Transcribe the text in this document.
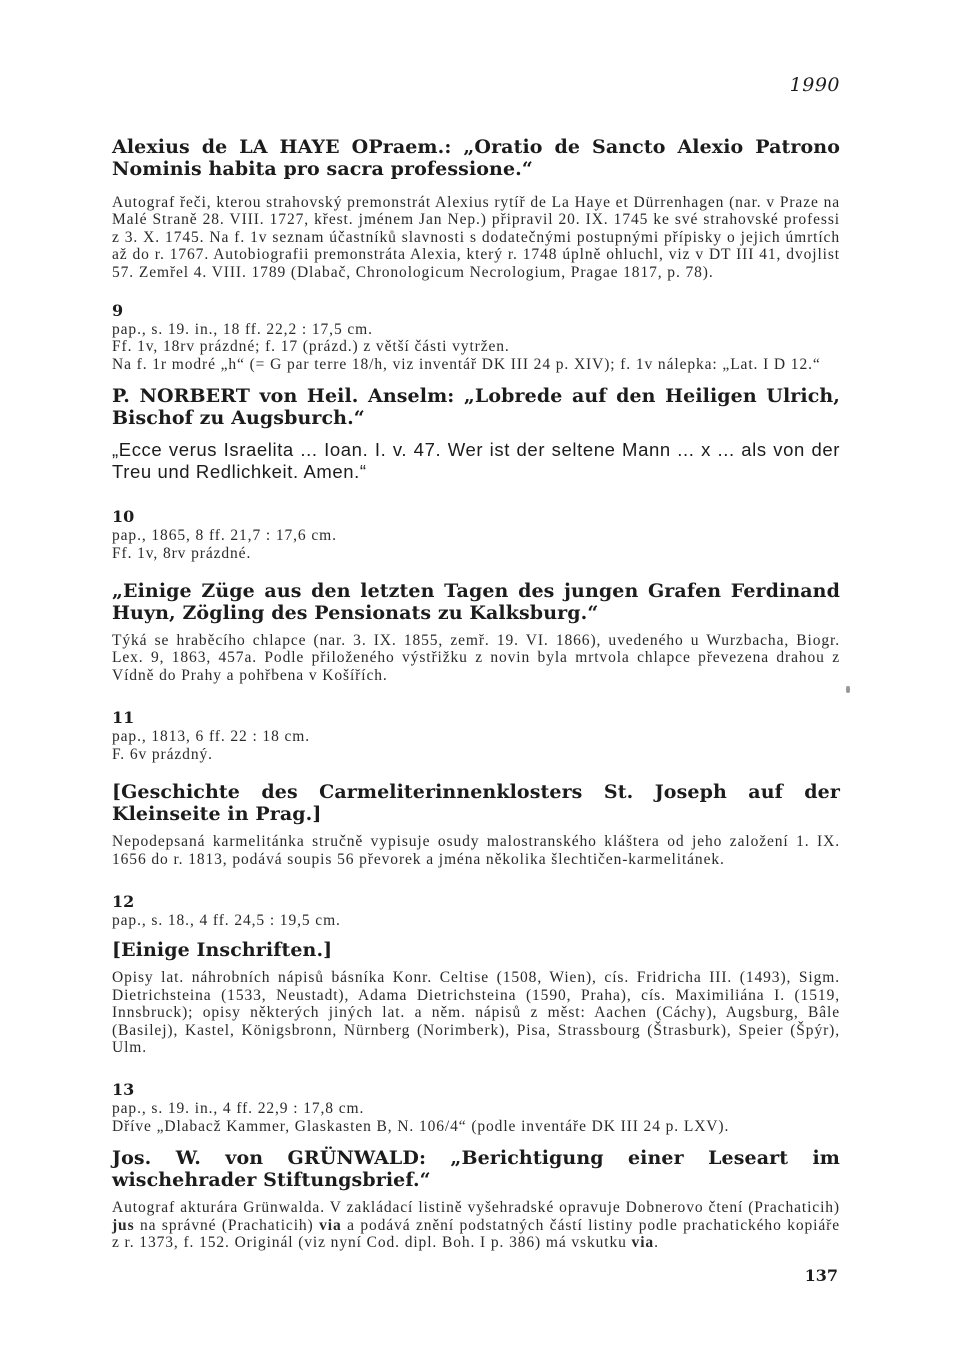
1990

Alexius de LA HAYE OPraem.: „Oratio de Sancto Alexio Patrono Nominis habita pro sacra professione.“

Autograf řeči, kterou strahovský premonstrát Alexius rytíř de La Haye et Dürrenhagen (nar. v Praze na Malé Straně 28. VIII. 1727, křest. jménem Jan Nep.) připravil 20. IX. 1745 ke své strahovské professi z 3. X. 1745. Na f. 1v seznam účastníků slavnosti s dodatečnými postupnými přípisky o jejich úmrtích až do r. 1767. Autobiografii premonstráta Alexia, který r. 1748 úplně ohluchl, viz v DT III 41, dvojlist 57. Zemřel 4. VIII. 1789 (Dlabač, Chronologicum Necrologium, Pragae 1817, p. 78).

9

pap., s. 19. in., 18 ff. 22,2 : 17,5 cm.

Ff. 1v, 18rv prázdné; f. 17 (prázd.) z větší části vytržen.

Na f. 1r modré „h“ (= G par terre 18/h, viz inventář DK III 24 p. XIV); f. 1v nálepka: „Lat. I D 12.“

P. NORBERT von Heil. Anselm: „Lobrede auf den Heiligen Ulrich, Bischof zu Augsburch.“

„Ecce verus Israelita ... Ioan. I. v. 47. Wer ist der seltene Mann ... x ... als von der Treu und Redlichkeit. Amen.“

10

pap., 1865, 8 ff. 21,7 : 17,6 cm.

Ff. 1v, 8rv prázdné.

„Einige Züge aus den letzten Tagen des jungen Grafen Ferdinand Huyn, Zögling des Pensionats zu Kalksburg.“

Týká se hraběcího chlapce (nar. 3. IX. 1855, zemř. 19. VI. 1866), uvedeného u Wurzbacha, Biogr. Lex. 9, 1863, 457a. Podle přiloženého výstřižku z novin byla mrtvola chlapce převezena drahou z Vídně do Prahy a pohřbena v Košířích.

11

pap., 1813, 6 ff. 22 : 18 cm.

F. 6v prázdný.

[Geschichte des Carmeliterinnenklosters St. Joseph auf der Kleinseite in Prag.]

Nepodepsaná karmelitánka stručně vypisuje osudy malostranského kláštera od jeho založení 1. IX. 1656 do r. 1813, podává soupis 56 převorek a jména několika šlechtičen-karmelitánek.

12

pap., s. 18., 4 ff. 24,5 : 19,5 cm.

[Einige Inschriften.]

Opisy lat. náhrobních nápisů básníka Konr. Celtise (1508, Wien), cís. Fridricha III. (1493), Sigm. Dietrichsteina (1533, Neustadt), Adama Dietrichsteina (1590, Praha), cís. Maximiliána I. (1519, Innsbruck); opisy některých jiných lat. a něm. nápisů z měst: Aachen (Cáchy), Augsburg, Bâle (Basilej), Kastel, Königsbronn, Nürnberg (Norimberk), Pisa, Strassbourg (Štrasburk), Speier (Špýr), Ulm.

13

pap., s. 19. in., 4 ff. 22,9 : 17,8 cm.

Dříve „Dlabacž Kammer, Glaskasten B, N. 106/4“ (podle inventáře DK III 24 p. LXV).

Jos. W. von GRÜNWALD: „Berichtigung einer Leseart im wischehrader Stiftungsbrief.“

Autograf akturára Grünwalda. V zakládací listině vyšehradské opravuje Dobnerovo čtení (Prachaticih) jus na správné (Prachaticih) via a podává znění podstatných částí listiny podle prachatického kopiáře z r. 1373, f. 152. Originál (viz nyní Cod. dipl. Boh. I p. 386) má vskutku via.

137
